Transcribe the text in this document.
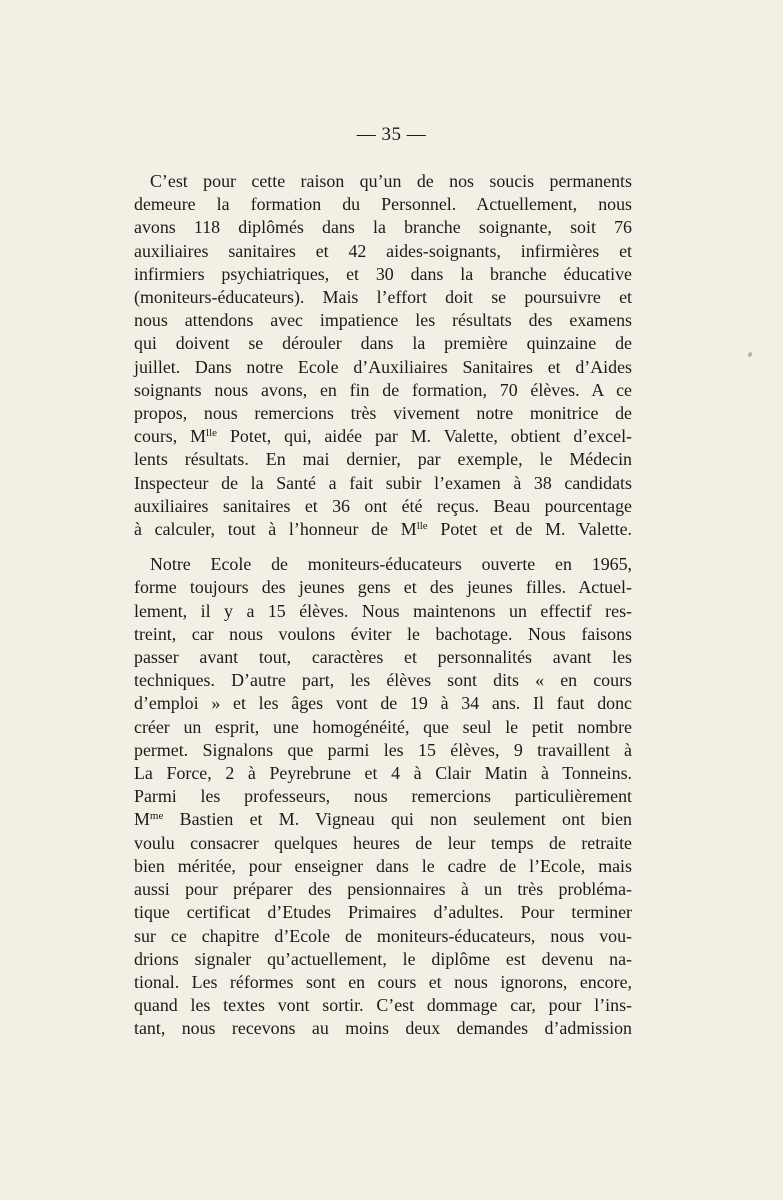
— 35 —

C’est pour cette raison qu’un de nos soucis permanents
demeure la formation du Personnel. Actuellement, nous
avons 118 diplômés dans la branche soignante, soit 76
auxiliaires sanitaires et 42 aides-soignants, infirmières et
infirmiers psychiatriques, et 30 dans la branche éducative
(moniteurs-éducateurs). Mais l’effort doit se poursuivre et
nous attendons avec impatience les résultats des examens
qui doivent se dérouler dans la première quinzaine de
juillet. Dans notre Ecole d’Auxiliaires Sanitaires et d’Aides
soignants nous avons, en fin de formation, 70 élèves. A ce
propos, nous remercions très vivement notre monitrice de
cours, $M^{lle}$ Potet, qui, aidée par M. Valette, obtient d’excel-
lents résultats. En mai dernier, par exemple, le Médecin
Inspecteur de la Santé a fait subir l’examen à 38 candidats
auxiliaires sanitaires et 36 ont été reçus. Beau pourcentage
à calculer, tout à l’honneur de $M^{lle}$ Potet et de M. Valette.

Notre Ecole de moniteurs-éducateurs ouverte en 1965,
forme toujours des jeunes gens et des jeunes filles. Actuel-
lement, il y a 15 élèves. Nous maintenons un effectif res-
treint, car nous voulons éviter le bachotage. Nous faisons
passer avant tout, caractères et personnalités avant les
techniques. D’autre part, les élèves sont dits « en cours
d’emploi » et les âges vont de 19 à 34 ans. Il faut donc
créer un esprit, une homogénéité, que seul le petit nombre
permet. Signalons que parmi les 15 élèves, 9 travaillent à
La Force, 2 à Peyrebrune et 4 à Clair Matin à Tonneins.
Parmi les professeurs, nous remercions particulièrement
$M^{me}$ Bastien et M. Vigneau qui non seulement ont bien
voulu consacrer quelques heures de leur temps de retraite
bien méritée, pour enseigner dans le cadre de l’Ecole, mais
aussi pour préparer des pensionnaires à un très probléma-
tique certificat d’Etudes Primaires d’adultes. Pour terminer
sur ce chapitre d’Ecole de moniteurs-éducateurs, nous vou-
drions signaler qu’actuellement, le diplôme est devenu na-
tional. Les réformes sont en cours et nous ignorons, encore,
quand les textes vont sortir. C’est dommage car, pour l’ins-
tant, nous recevons au moins deux demandes d’admission
